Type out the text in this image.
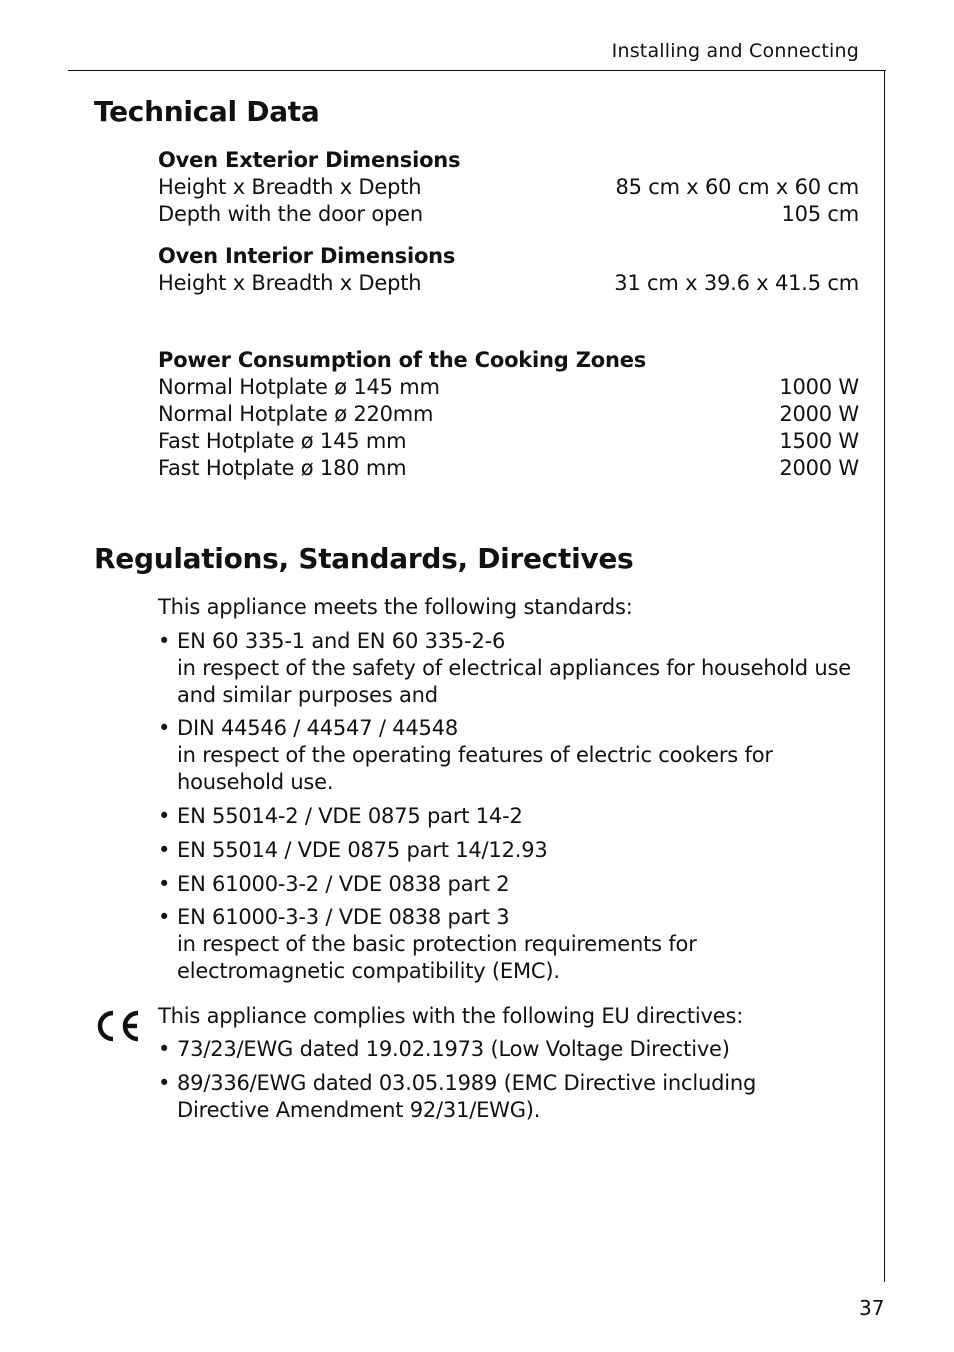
Installing and Connecting
Technical Data

Oven Exterior Dimensions

Height x Breadth x Depth	85 cm x 60 cm x 60 cm
Depth with the door open	105 cm

Oven Interior Dimensions

Height x Breadth x Depth	31 cm x 39.6 x 41.5 cm

Power Consumption of the Cooking Zones

Normal Hotplate ø 145 mm	1000 W
Normal Hotplate ø 220mm	2000 W
Fast Hotplate ø 145 mm	1500 W
Fast Hotplate ø 180 mm	2000 W
Regulations, Standards, Directives
This appliance meets the following standards:
• EN 60 335-1 and EN 60 335-2-6
in respect of the safety of electrical appliances for household use and similar purposes and
• DIN 44546 / 44547 / 44548
in respect of the operating features of electric cookers for household use.
• EN 55014-2 / VDE 0875 part 14-2
• EN 55014 / VDE 0875 part 14/12.93
• EN 61000-3-2 / VDE 0838 part 2
• EN 61000-3-3 / VDE 0838 part 3
in respect of the basic protection requirements for electromagnetic compatibility (EMC).
This appliance complies with the following EU directives:
• 73/23/EWG dated 19.02.1973 (Low Voltage Directive)
• 89/336/EWG dated 03.05.1989 (EMC Directive including
Directive Amendment 92/31/EWG).
37
